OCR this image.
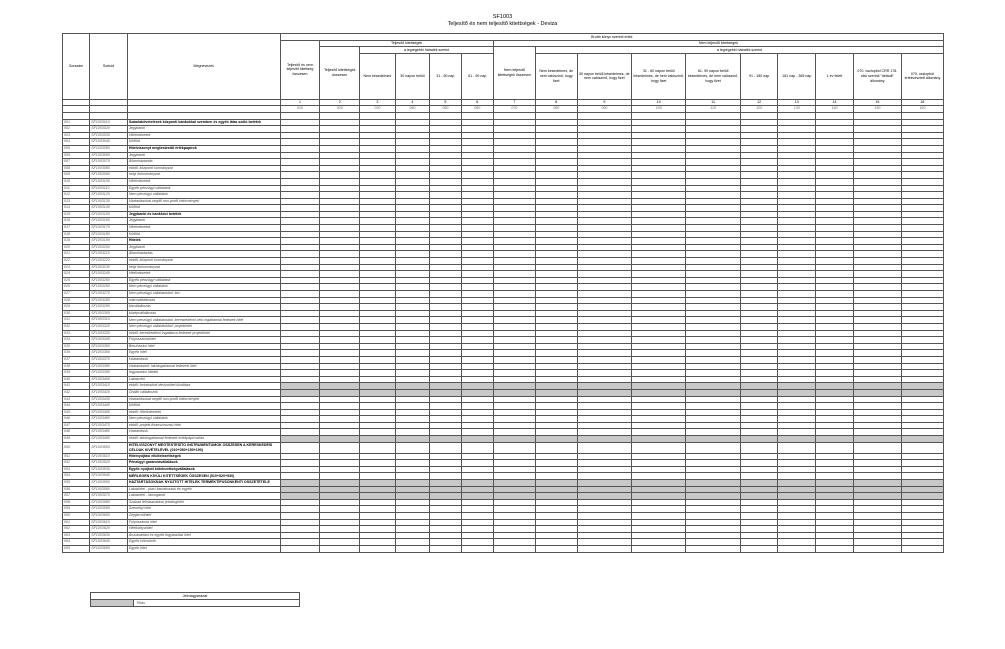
SF1003
Teljesítő és nem teljesítő kitettségek - Deviza
Sorszám	Sorkód	Megnevezés	Bruttó könyv szerinti érték															
			Teljesítő és nem teljesítő kitettség összesen	Teljesítő kitettségek					Nem teljesítő kitettségek									
				Teljesítő kitettségek összesen	a legrégebbi hátralék szerint				Nem teljesítő kitettségek összesen	a legrégebbi hátralék szerint								
					Nem késedelmes	30 napon belüli	31 - 60 nap	61 - 90 nap		Nem késedelmes, de nem valószínű, hogy fizet	30 napon belüli késedelmes, de nem valószínű, hogy fizet	31 - 60 napon belüli késedelmes, de nem valószínű, hogy fizet	61- 90 napon belüli késedelmes, de nem valószínű, hogy fizet	91 - 180 nap	181 nap - 365 nap	1 év felett	070. oszlopból CRR 178. cikk szerinti "default" állomány	070. oszlopból értékvesztett állomány

			1	2	3	4	5	6	7	8	9	10	11	12	13	14	15	16
			010	020	030	040	050	060	070	080	090	100	110	120	130	140	150	160

001	SF1003010	Számlakövetelések központi bankokkal szemben és egyéb látra szóló betétek																
002	SF1003020	Jegybanki																
003	SF1003030	Hitelintézetek																
004	SF1003040	Külföld																
005	SF1003050	Hitelviszonyt megtestesítő értékpapírok																
006	SF1003060	Jegybanki																
007	SF1003070	Államháztartás																
008	SF1003080	ebből: központi kormányzat																
009	SF1003090	helyi önkormányzat																
010	SF1003100	Hitelintézetek																
011	SF1003110	Egyéb pénzügyi vállalatok																
012	SF1003120	Nem pénzügyi vállalatok																
013	SF1003130	Háztartásokat segítő non-profit intézmények																
014	SF1003140	Külföld																
015	SF1003150	Jegybanki és bankközi betétek																
016	SF1003160	Jegybanki																
017	SF1003170	Hitelintézetek																
018	SF1003180	Külföld																
019	SF1003190	Hitelek																
020	SF1003200	Jegybanki																
021	SF1003210	Államháztartás																
022	SF1003220	ebből: központi kormányzat																
023	SF1003230	helyi önkormányzat																
024	SF1003240	Hitelintézetek																
025	SF1003250	Egyéb pénzügyi vállalatok																
026	SF1003260	Nem pénzügyi vállalatok																
027	SF1003270	Nem pénzügyi vállalatokból: kkv																
028	SF1003280	mikrovállalkozás																
029	SF1003290	kisvállalkozás																
030	SF1003300	középvállalkozás																
031	SF1003310	Nem pénzügyi vállalatokból: kereskedelmi célú ingatlannal fedezett hitel																
032	SF1003320	Nem pénzügyi vállalatokból: projekthitel																
033	SF1003330	ebből: kereskedelmi ingatlanra fedezett projekthitel																
034	SF1003340	Folyószámlahitel																
035	SF1003350	Beruházási hitel																
036	SF1003360	Egyéb hitel																
037	SF1003370	Háztartások																
038	SF1003380	Háztartásból: lakóingatlannal fedezett hitel																
039	SF1003390	fogyasztási hitelek																
040	SF1003400	Lakáscélú																
041	SF1003410	ebből: forintosított devizahitel kiváltása																
042	SF1003420	Önálló vállalkozók																
043	SF1003430	Háztartásokat segítő non-profit intézmények																
044	SF1003440	Külföld																
045	SF1003450	ebből: Hitelintézetek																
046	SF1003460	Nem pénzügyi vállalatok																
047	SF1003470	ebből: projekt finanszírozási hitel																
048	SF1003480	Háztartások																
049	SF1003490	ebből: lakóingatlannal fedezett értékpapírosítás																
050	SF1003500	HITELVISZONYT MEGTESTESÍTŐ INSTRUMENTUMOK ÖSSZESEN A KERESKEDÉSI CÉLÚAK KIVÉTELÉVEL (010+050+150+190)																
051	SF1003510	Hitelnyújtási elkötelezettségek																
052	SF1003520	Pénzügyi garanciavállalások																
053	SF1003530	Egyéb nyújtott kötelezettségvállalások																
054	SF1003540	MÉRLEGEN KÍVÜLI KITETTSÉGEK ÖSSZESEN (510+520+530)																
055	SF1003550	HÁZTARTÁSOKNAK NYÚJTOTT HITELEK TERMÉKTÍPUSONKÉNTI ÖSSZETÉTELE																
056	SF1003560	Lakáshitel - piaci kamatozású és egyéb																
057	SF1003570	Lakáshitel - támogatott																
058	SF1003580	Szabad felhasználású jelzáloghitel																
059	SF1003590	Személyi hitel																
060	SF1003600	Gépjárműhitel																
061	SF1003610	Folyószámla hitel																
062	SF1003620	Hitelkártyahitel																
063	SF1003630	Áruvásárlási és egyéb fogyasztási hitel																
064	SF1003640	Egyéb kölcsönök																
065	SF1003650	Egyéb hitel																
Jelmagyarázat
	Tiltás
